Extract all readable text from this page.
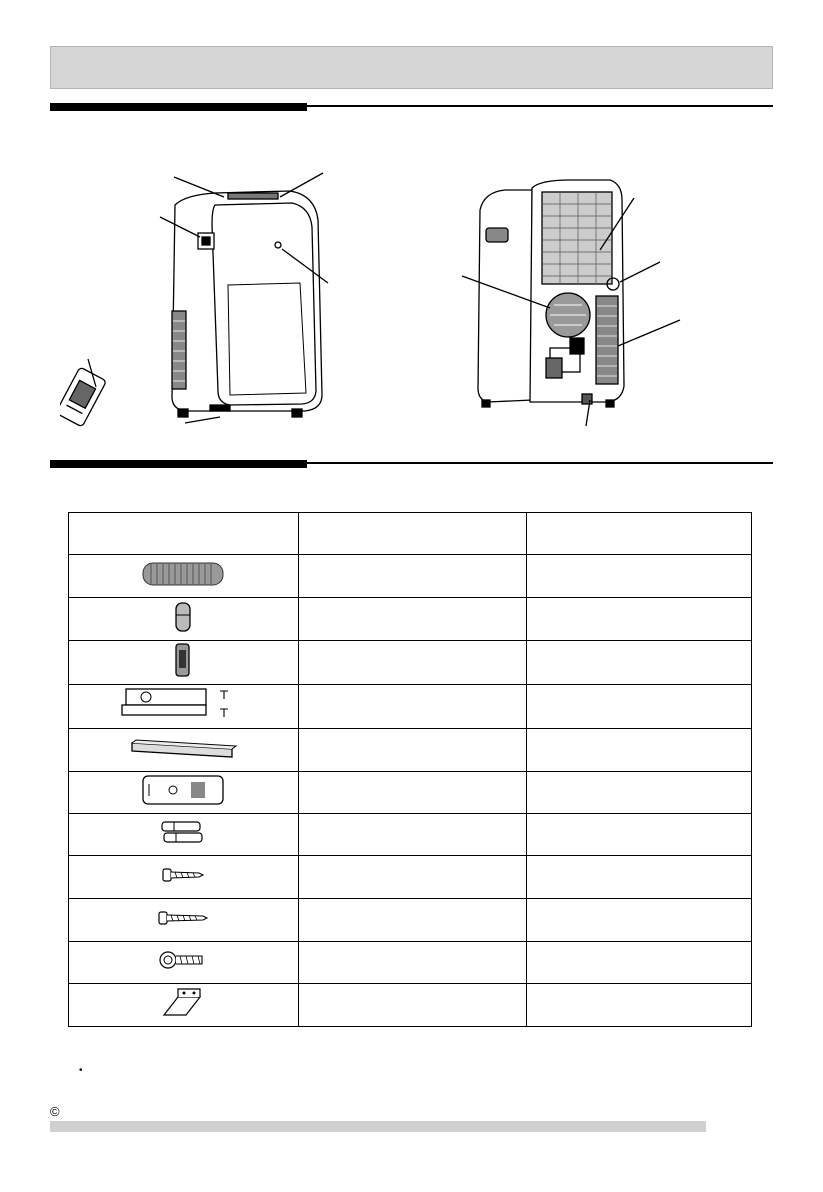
•
©
